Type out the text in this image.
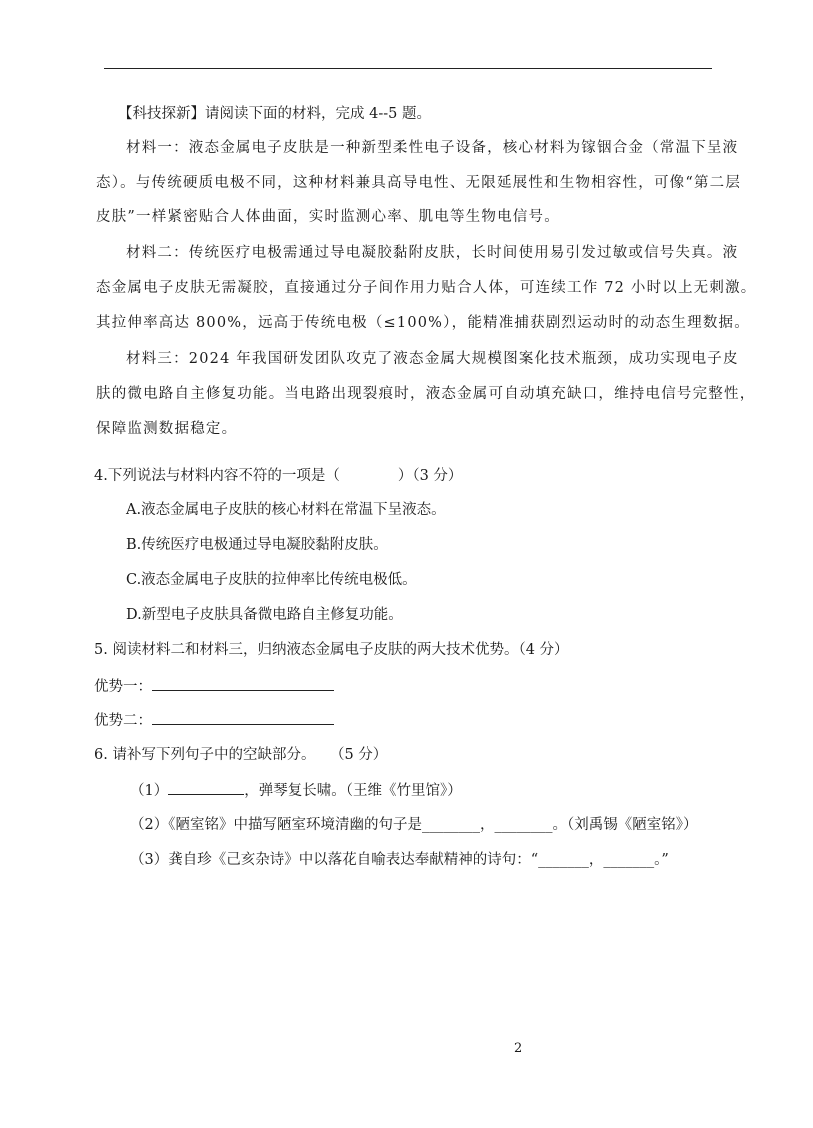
【科技探新】请阅读下面的材料，完成 4--5 题。
材料一：液态金属电子皮肤是一种新型柔性电子设备，核心材料为镓铟合金（常温下呈液
态）。与传统硬质电极不同，这种材料兼具高导电性、无限延展性和生物相容性，可像“第二层
皮肤”一样紧密贴合人体曲面，实时监测心率、肌电等生物电信号。
材料二：传统医疗电极需通过导电凝胶黏附皮肤，长时间使用易引发过敏或信号失真。液
态金属电子皮肤无需凝胶，直接通过分子间作用力贴合人体，可连续工作 72 小时以上无刺激。
其拉伸率高达 800%，远高于传统电极（≤100%），能精准捕获剧烈运动时的动态生理数据。
材料三：2024 年我国研发团队攻克了液态金属大规模图案化技术瓶颈，成功实现电子皮
肤的微电路自主修复功能。当电路出现裂痕时，液态金属可自动填充缺口，维持电信号完整性，
保障监测数据稳定。
4.下列说法与材料内容不符的一项是（　　　　）（3 分）
A.液态金属电子皮肤的核心材料在常温下呈液态。
B.传统医疗电极通过导电凝胶黏附皮肤。
C.液态金属电子皮肤的拉伸率比传统电极低。
D.新型电子皮肤具备微电路自主修复功能。
5. 阅读材料二和材料三，归纳液态金属电子皮肤的两大技术优势。（4 分）
优势一：
优势二：
6. 请补写下列句子中的空缺部分。　　（5 分）
（1）	，弹琴复长啸。（王维《竹里馆》）
（2）《陋室铭》中描写陋室环境清幽的句子是________，________。（刘禹锡《陋室铭》）
（3）龚自珍《己亥杂诗》中以落花自喻表达奉献精神的诗句：“_______，_______。”
2
